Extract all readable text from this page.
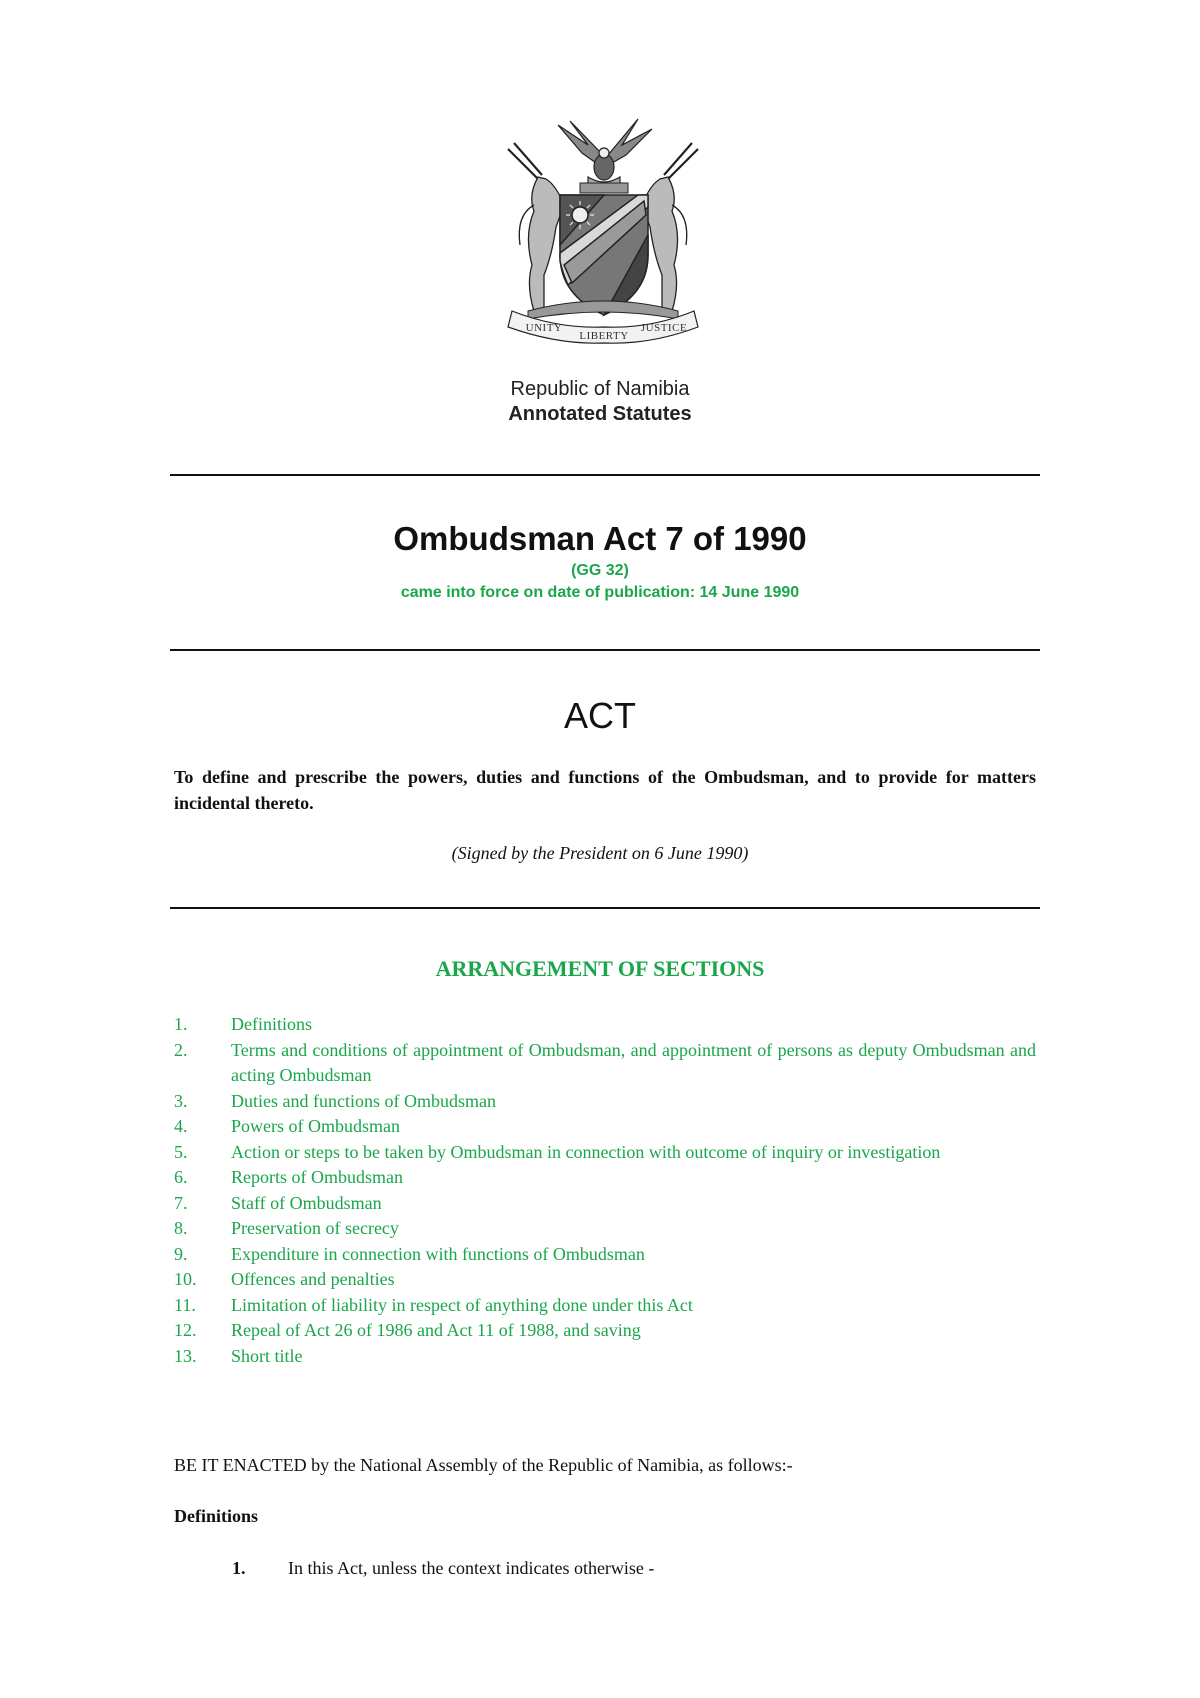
UNITY
LIBERTY
JUSTICE
Republic of Namibia
Annotated Statutes
Ombudsman Act 7 of 1990
(GG 32)
came into force on date of publication: 14 June 1990
ACT
To define and prescribe the powers, duties and functions of the Ombudsman, and to provide for matters incidental thereto.
(Signed by the President on 6 June 1990)
ARRANGEMENT OF SECTIONS
1.	Definitions
2.	Terms and conditions of appointment of Ombudsman, and appointment of persons as deputy Ombudsman and acting Ombudsman
3.	Duties and functions of Ombudsman
4.	Powers of Ombudsman
5.	Action or steps to be taken by Ombudsman in connection with outcome of inquiry or investigation
6.	Reports of Ombudsman
7.	Staff of Ombudsman
8.	Preservation of secrecy
9.	Expenditure in connection with functions of Ombudsman
10.	Offences and penalties
11.	Limitation of liability in respect of anything done under this Act
12.	Repeal of Act 26 of 1986 and Act 11 of 1988, and saving
13.	Short title
BE IT ENACTED by the National Assembly of the Republic of Namibia, as follows:-
Definitions
1.	In this Act, unless the context indicates otherwise -
